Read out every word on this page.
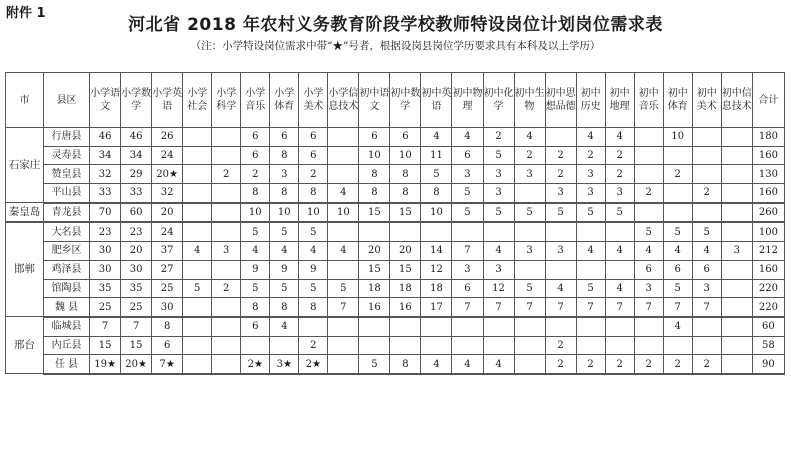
附件 1
河北省 2018 年农村义务教育阶段学校教师特设岗位计划岗位需求表
（注：小学特设岗位需求中带“★”号者，根据设岗县岗位学历要求具有本科及以上学历）
市	县区	小学语文	小学数学	小学英语	小学社会	小学科学	小学音乐	小学体育	小学美术	小学信息技术	初中语文	初中数学	初中英语	初中物理	初中化学	初中生物	初中思想品德	初中历史	初中地理	初中音乐	初中体育	初中美术	初中信息技术	合计
石家庄	行唐县	46	46	26			6	6	6		6	6	4	4	2	4		4	4		10			180
	灵寿县	34	34	24			6	8	6		10	10	11	6	5	2	2	2	2					160
	赞皇县	32	29	20★		2	2	3	2		8	8	5	3	3	3	2	3	2		2			130
	平山县	33	33	32			8	8	8	4	8	8	8	5	3		3	3	3	2		2		160
秦皇岛	青龙县	70	60	20			10	10	10	10	15	15	10	5	5	5	5	5	5					260
邯郸	大名县	23	23	24			5	5	5											5	5	5		100
	肥乡区	30	20	37	4	3	4	4	4	4	20	20	14	7	4	3	3	4	4	4	4	4	3	212
	鸡泽县	30	30	27			9	9	9		15	15	12	3	3					6	6	6		160
	馆陶县	35	35	25	5	2	5	5	5	5	18	18	18	6	12	5	4	5	4	3	5	3		220
	魏 县	25	25	30			8	8	8	7	16	16	17	7	7	7	7	7	7	7	7	7		220
邢台	临城县	7	7	8			6	4													4			60
	内丘县	15	15	6					2								2							58
	任 县	19★	20★	7★			2★	3★	2★		5	8	4	4	4		2	2	2	2	2	2		90
